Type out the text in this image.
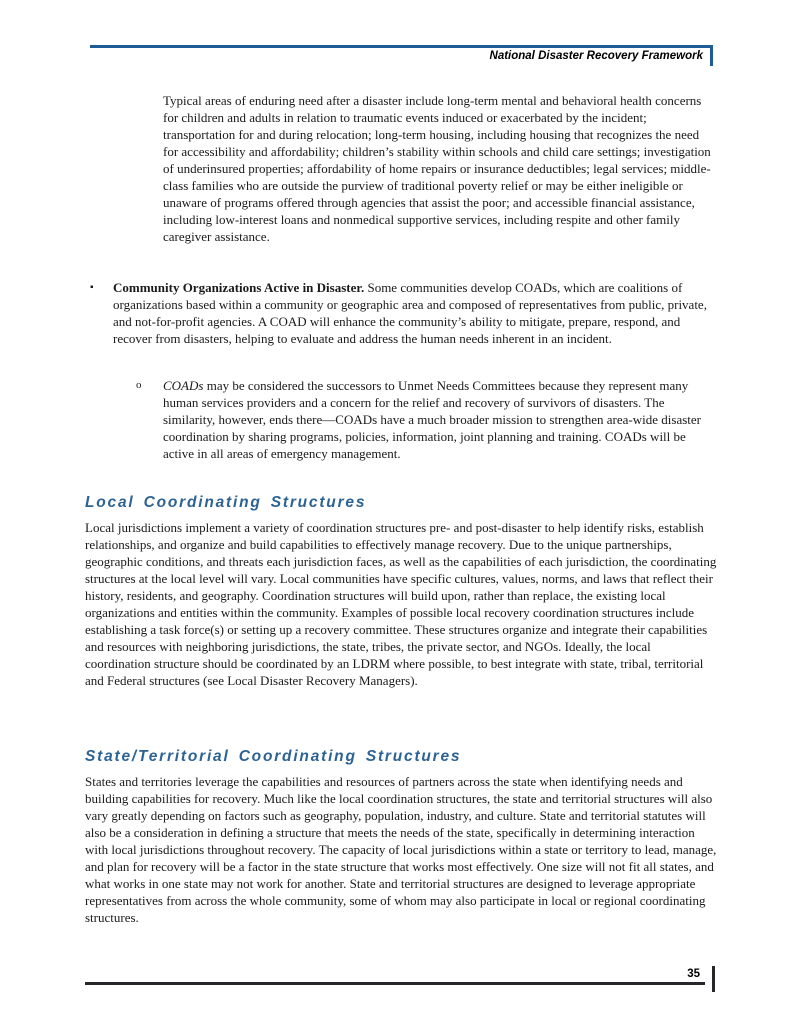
National Disaster Recovery Framework
Typical areas of enduring need after a disaster include long-term mental and behavioral health concerns for children and adults in relation to traumatic events induced or exacerbated by the incident; transportation for and during relocation; long-term housing, including housing that recognizes the need for accessibility and affordability; children’s stability within schools and child care settings; investigation of underinsured properties; affordability of home repairs or insurance deductibles; legal services; middle-class families who are outside the purview of traditional poverty relief or may be either ineligible or unaware of programs offered through agencies that assist the poor; and accessible financial assistance, including low-interest loans and nonmedical supportive services, including respite and other family caregiver assistance.
▪ Community Organizations Active in Disaster. Some communities develop COADs, which are coalitions of organizations based within a community or geographic area and composed of representatives from public, private, and not-for-profit agencies. A COAD will enhance the community’s ability to mitigate, prepare, respond, and recover from disasters, helping to evaluate and address the human needs inherent in an incident.
o COADs may be considered the successors to Unmet Needs Committees because they represent many human services providers and a concern for the relief and recovery of survivors of disasters. The similarity, however, ends there—COADs have a much broader mission to strengthen area-wide disaster coordination by sharing programs, policies, information, joint planning and training. COADs will be active in all areas of emergency management.
Local Coordinating Structures
Local jurisdictions implement a variety of coordination structures pre- and post-disaster to help identify risks, establish relationships, and organize and build capabilities to effectively manage recovery. Due to the unique partnerships, geographic conditions, and threats each jurisdiction faces, as well as the capabilities of each jurisdiction, the coordinating structures at the local level will vary. Local communities have specific cultures, values, norms, and laws that reflect their history, residents, and geography. Coordination structures will build upon, rather than replace, the existing local organizations and entities within the community. Examples of possible local recovery coordination structures include establishing a task force(s) or setting up a recovery committee. These structures organize and integrate their capabilities and resources with neighboring jurisdictions, the state, tribes, the private sector, and NGOs. Ideally, the local coordination structure should be coordinated by an LDRM where possible, to best integrate with state, tribal, territorial and Federal structures (see Local Disaster Recovery Managers).
State/Territorial Coordinating Structures
States and territories leverage the capabilities and resources of partners across the state when identifying needs and building capabilities for recovery. Much like the local coordination structures, the state and territorial structures will also vary greatly depending on factors such as geography, population, industry, and culture. State and territorial statutes will also be a consideration in defining a structure that meets the needs of the state, specifically in determining interaction with local jurisdictions throughout recovery. The capacity of local jurisdictions within a state or territory to lead, manage, and plan for recovery will be a factor in the state structure that works most effectively. One size will not fit all states, and what works in one state may not work for another. State and territorial structures are designed to leverage appropriate representatives from across the whole community, some of whom may also participate in local or regional coordinating structures.
35
